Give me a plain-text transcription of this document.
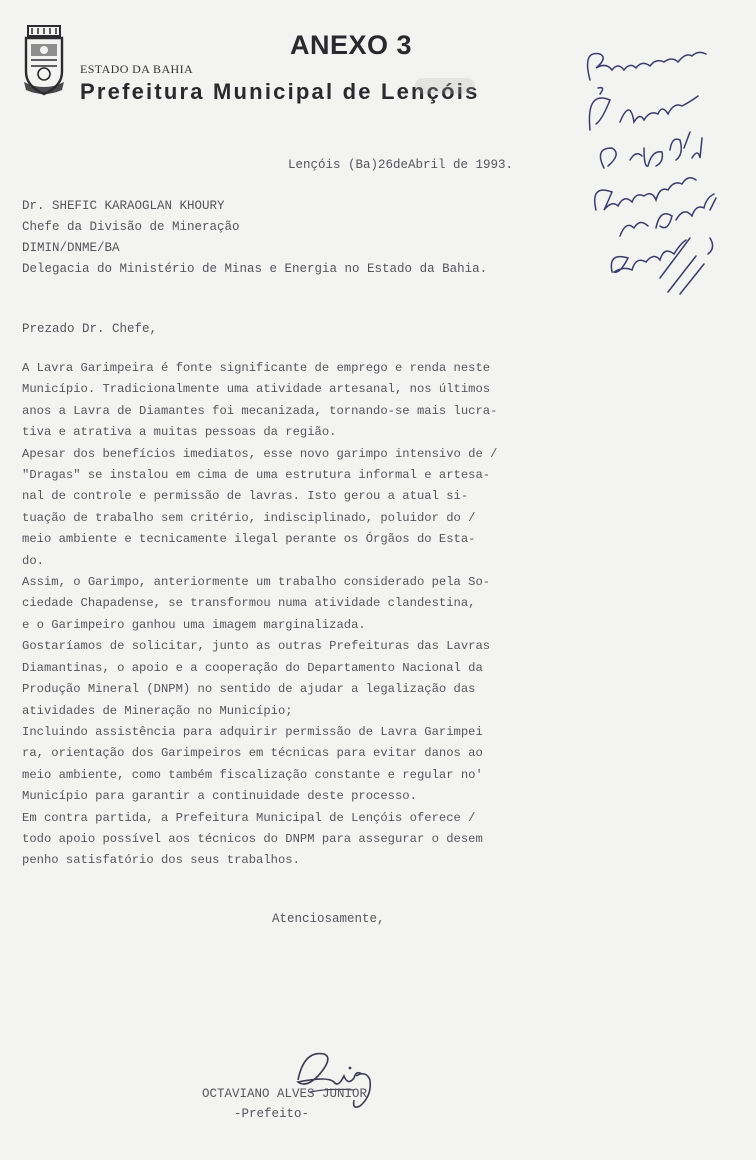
ANEXO 3
ESTADO DA BAHIA
Prefeitura Municipal de Lençóis
Lençóis (Ba)26deAbril de 1993.
Dr. SHEFIC KARAOGLAN KHOURY
Chefe da Divisão de Mineração
DIMIN/DNME/BA
Delegacia do Ministério de Minas e Energia no Estado da Bahia.
Prezado Dr. Chefe,
A Lavra Garimpeira é fonte significante de emprego e renda neste
Município. Tradicionalmente uma atividade artesanal, nos últimos
anos a Lavra de Diamantes foi mecanizada, tornando-se mais lucra-
tiva e atrativa a muitas pessoas da região.
Apesar dos benefícios imediatos, esse novo garimpo intensivo de /
"Dragas" se instalou em cima de uma estrutura informal e artesa-
nal de controle e permissão de lavras. Isto gerou a atual si-
tuação de trabalho sem critério, indisciplinado, poluidor do /
meio ambiente e tecnicamente ilegal perante os Órgãos do Esta-
do.
Assim, o Garimpo, anteriormente um trabalho considerado pela So-
ciedade Chapadense, se transformou numa atividade clandestina,
e o Garimpeiro ganhou uma imagem marginalizada.
Gostaríamos de solicitar, junto as outras Prefeituras das Lavras
Diamantinas, o apoio e a cooperação do Departamento Nacional da
Produção Mineral (DNPM) no sentido de ajudar a legalização das
atividades de Mineração no Município;
Incluindo assistência para adquirir permissão de Lavra Garimpei
ra, orientação dos Garimpeiros em técnicas para evitar danos ao
meio ambiente, como também fiscalização constante e regular no'
Município para garantir a continuidade deste processo.
Em contra partida, a Prefeitura Municipal de Lençóis oferece /
todo apoio possível aos técnicos do DNPM para assegurar o desem
penho satisfatório dos seus trabalhos.
Atenciosamente,
OCTAVIANO ALVES JUNIOR
-Prefeito-
